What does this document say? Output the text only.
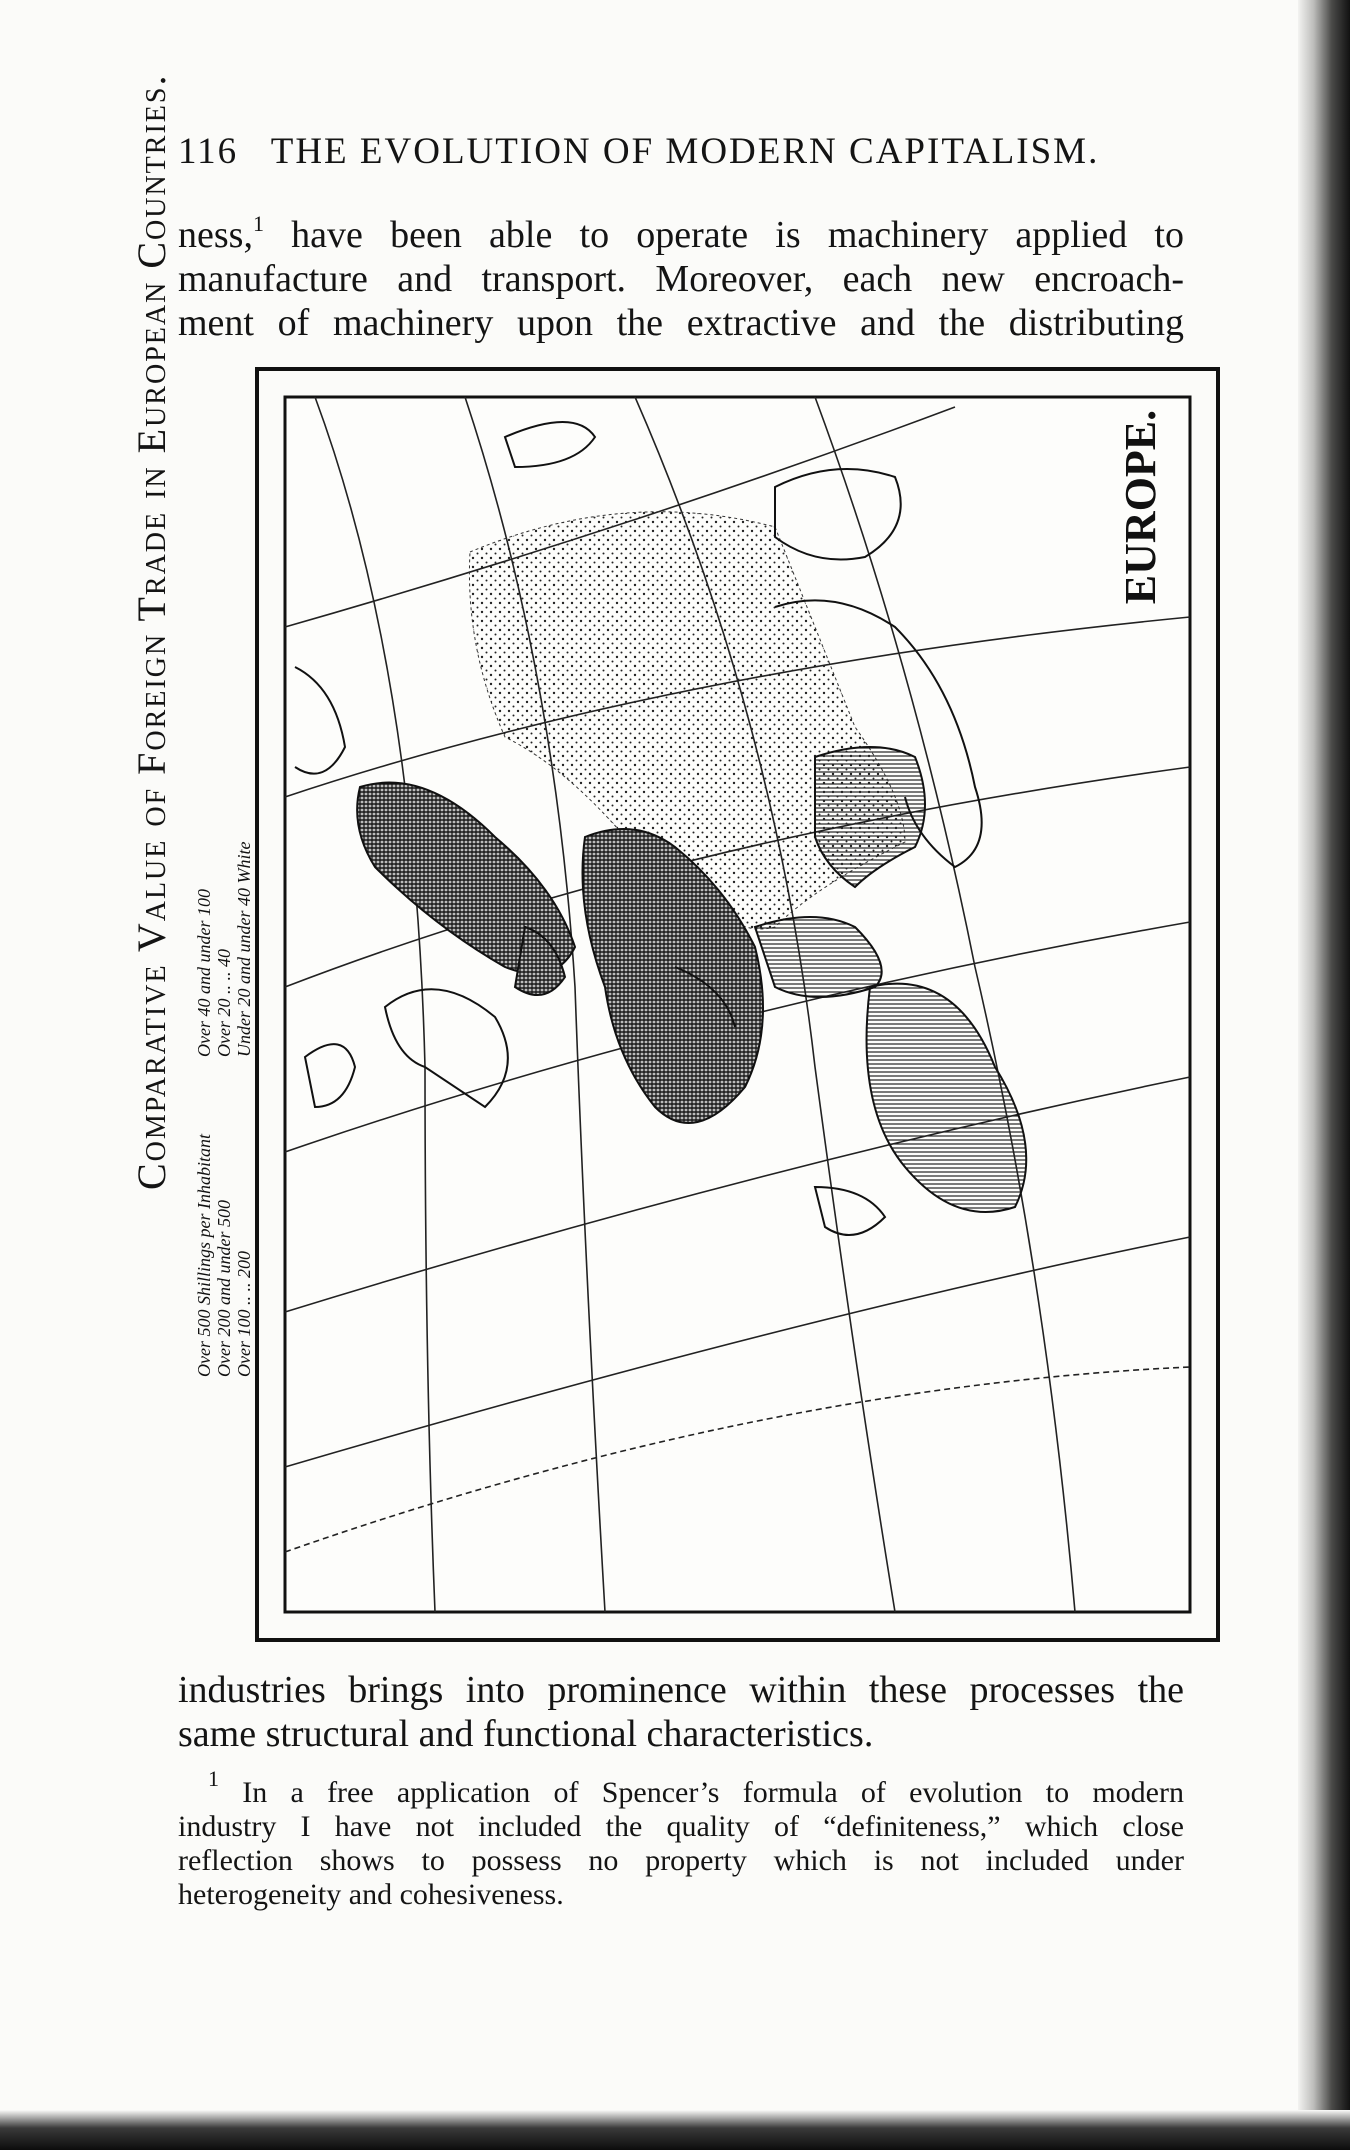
116 THE EVOLUTION OF MODERN CAPITALISM.
ness,$^1$ have been able to operate is machinery applied to
manufacture and transport. Moreover, each new encroach-
ment of machinery upon the extractive and the distributing
Comparative Value of Foreign Trade in European Countries.	EUROPE.
Over 500 Shillings per Inhabitant Over 200 and under 500 Over 100 .. .. 200
Over 40 and under 100 Over 20 .. .. 40 Under 20 and under 40 White
industries brings into prominence within these processes the
same structural and functional characteristics.
$^1$ In a free application of Spencer’s formula of evolution to modern
industry I have not included the quality of “definiteness,” which close
reflection shows to possess no property which is not included under
heterogeneity and cohesiveness.
